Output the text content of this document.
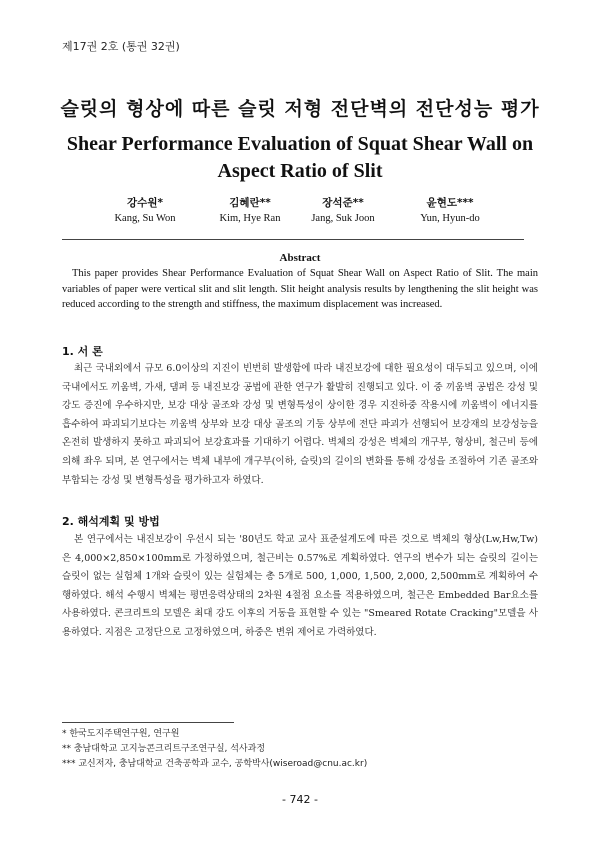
제17권 2호 (통권 32권)
슬릿의 형상에 따른 슬릿 저형 전단벽의 전단성능 평가
Shear Performance Evaluation of Squat Shear Wall on
Aspect Ratio of Slit
강수원*
Kang, Su Won
김혜란**
Kim, Hye Ran
장석준**
Jang, Suk Joon
윤현도***
Yun, Hyun-do
Abstract
This paper provides Shear Performance Evaluation of Squat Shear Wall on Aspect Ratio of Slit. The main variables of paper were vertical slit and slit length. Slit height analysis results by lengthening the slit height was reduced according to the strength and stiffness, the maximum displacement was increased.
1. 서 론
최근 국내외에서 규모 6.0이상의 지진이 빈번히 발생함에 따라 내진보강에 대한 필요성이 대두되고 있으며, 이에 국내에서도 끼움벽, 가새, 댐퍼 등 내진보강 공법에 관한 연구가 활발히 진행되고 있다. 이 중 끼움벽 공법은 강성 및 강도 증진에 우수하지만, 보강 대상 골조와 강성 및 변형특성이 상이한 경우 지진하중 작용시에 끼움벽이 에너지를 흡수하여 파괴되기보다는 끼움벽 상부와 보강 대상 골조의 기둥 상부에 전단 파괴가 선행되어 보강재의 보강성능을 온전히 발생하지 못하고 파괴되어 보강효과를 기대하기 어렵다. 벽체의 강성은 벽체의 개구부, 형상비, 철근비 등에 의해 좌우 되며, 본 연구에서는 벽체 내부에 개구부(이하, 슬릿)의 길이의 변화를 통해 강성을 조절하여 기존 골조와 부합되는 강성 및 변형특성을 평가하고자 하였다.
2. 해석계획 및 방법
본 연구에서는 내진보강이 우선시 되는 '80년도 학교 교사 표준설계도에 따른 것으로 벽체의 형상(Lw,Hw,Tw)은 4,000×2,850×100mm로 가정하였으며, 철근비는 0.57%로 계획하였다. 연구의 변수가 되는 슬릿의 길이는 슬릿이 없는 실험체 1개와 슬릿이 있는 실험체는 총 5개로 500, 1,000, 1,500, 2,000, 2,500mm로 계획하여 수행하였다. 해석 수행시 벽체는 평면응력상태의 2차원 4절점 요소를 적용하였으며, 철근은 Embedded Bar요소를 사용하였다. 콘크리트의 모델은 최대 강도 이후의 거동을 표현할 수 있는 "Smeared Rotate Cracking"모델을 사용하였다. 지점은 고정단으로 고정하였으며, 하중은 변위 제어로 가력하였다.
* 한국도지주택연구원, 연구원
** 충남대학교 고지능콘크리트구조연구실, 석사과정
*** 교신저자, 충남대학교 건축공학과 교수, 공학박사(wiseroad@cnu.ac.kr)
- 742 -
